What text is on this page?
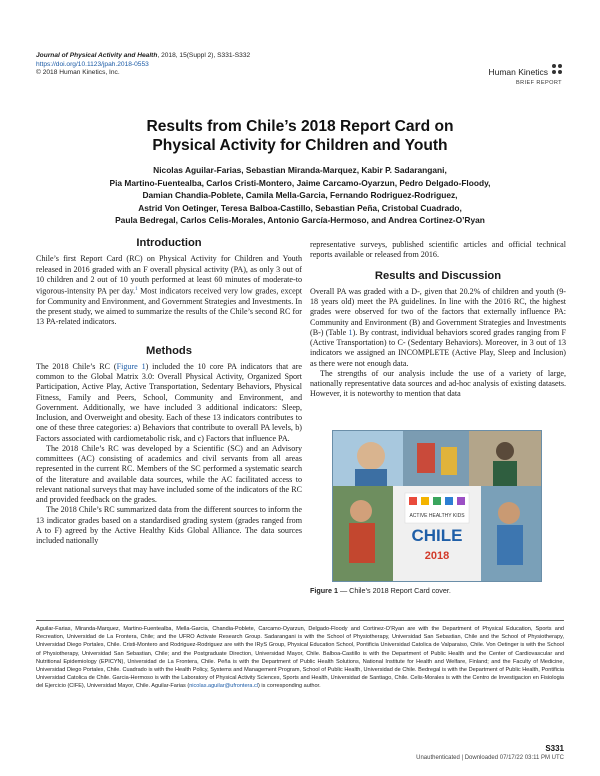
Journal of Physical Activity and Health, 2018, 15(Suppl 2), S331-S332
https://doi.org/10.1123/jpah.2018-0553
© 2018 Human Kinetics, Inc.	Human Kinetics
BRIEF REPORT
Results from Chile’s 2018 Report Card on
Physical Activity for Children and Youth
Nicolas Aguilar-Farias, Sebastian Miranda-Marquez, Kabir P. Sadarangani,
Pia Martino-Fuentealba, Carlos Cristi-Montero, Jaime Carcamo-Oyarzun, Pedro Delgado-Floody,
Damian Chandia-Poblete, Camila Mella-Garcia, Fernando Rodriguez-Rodriguez,
Astrid Von Oetinger, Teresa Balboa-Castillo, Sebastian Peña, Cristobal Cuadrado,
Paula Bedregal, Carlos Celis-Morales, Antonio García-Hermoso, and Andrea Cortinez-O’Ryan
Introduction

Chile’s first Report Card (RC) on Physical Activity for Children and Youth released in 2016 graded with an F overall physical activity (PA), as only 3 out of 10 children and 2 out of 10 youth performed at least 60 minutes of moderate-to vigorous-intensity PA per day.$^1$ Most indicators received very low grades, except for Community and Environment, and Government Strategies and Investments. In the present study, we aimed to summarize the results of the Chile’s second RC for 13 PA-related indicators.

Methods

The 2018 Chile’s RC (Figure 1) included the 10 core PA indicators that are common to the Global Matrix 3.0: Overall Physical Activity, Organized Sport Participation, Active Play, Active Transportation, Sedentary Behaviors, Physical Fitness, Family and Peers, School, Community and Environment, and Government. Additionally, we have included 3 additional indicators: Sleep, Inclusion, and Overweight and obesity. Each of these 13 indicators contributes to one of these three categories: a) Behaviors that contribute to overall PA levels, b) Factors associated with cardiometabolic risk, and c) Factors that influence PA.

The 2018 Chile’s RC was developed by a Scientific (SC) and an Advisory committees (AC) consisting of academics and civil servants from all areas represented in the current RC. Members of the SC performed a systematic search of the literature and available data sources, while the AC facilitated access to relevant national surveys that may have included some of the indicators of the RC and provided feedback on the grades.

The 2018 Chile’s RC summarized data from the different sources to inform the 13 indicator grades based on a standardised grading system (grades ranged from A to F) agreed by the Active Healthy Kids Global Alliance. The data sources included nationally

representative surveys, published scientific articles and official technical reports available or released from 2016.

Results and Discussion

Overall PA was graded with a D-, given that 20.2% of children and youth (9-18 years old) meet the PA guidelines. In line with the 2016 RC, the highest grades were observed for two of the factors that externally influence PA: Community and Environment (B) and Government Strategies and Investments (B-) (Table 1). By contrast, individual behaviors scored grades ranging from F (Active Transportation) to C- (Sedentary Behaviors). Moreover, in 3 out of 13 indicators we assigned an INCOMPLETE (Active Play, Sleep and Inclusion) as there were not enough data.

The strengths of our analysis include the use of a variety of large, nationally representative data sources and ad-hoc analysis of existing datasets. However, it is noteworthy to mention that data

ACTIVE HEALTHY KIDS
CHILE
2018
Figure 1 — Chile’s 2018 Report Card cover.
Aguilar-Farias, Miranda-Marquez, Martino-Fuentealba, Mella-Garcia, Chandia-Poblete, Carcamo-Oyarzun, Delgado-Floody and Cortinez-O’Ryan are with the Department of Physical Education, Sports and Recreation, Universidad de La Frontera, Chile; and the UFRO Activate Research Group. Sadarangani is with the School of Physiotherapy, Universidad San Sebastian, Chile and the School of Physiotherapy, Universidad Diego Portales, Chile. Cristi-Montero and Rodriguez-Rodriguez are with the IRyS Group, Physical Education School, Pontificia Universidad Catolica de Valparaiso, Chile. Von Oetinger is with the School of Physiotherapy, Universidad San Sebastian, Chile; and the Postgraduate Direction, Universidad Mayor, Chile. Balboa-Castillo is with the Department of Public Health and the Center of Cardiovascular and Nutritional Epidemiology (EPICYN), Universidad de La Frontera, Chile. Peña is with the Department of Public Health Solutions, National Institute for Health and Welfare, Finland; and the Faculty of Medicine, Universidad Diego Portales, Chile. Cuadrado is with the Health Policy, Systems and Management Program, School of Public Health, Universidad de Chile. Bedregal is with the Department of Public Health, Pontificia Universidad Catolica de Chile. Garcia-Hermoso is with the Laboratory of Physical Activity Sciences, Sports and Health, Universidad de Santiago, Chile. Celis-Morales is with the Centro de Investigacion en Fisiologia del Ejercicio (CIFE), Universidad Mayor, Chile. Aguilar-Farias (nicolas.aguilar@ufrontera.cl) is corresponding author.
S331
Unauthenticated | Downloaded 07/17/22 03:11 PM UTC
